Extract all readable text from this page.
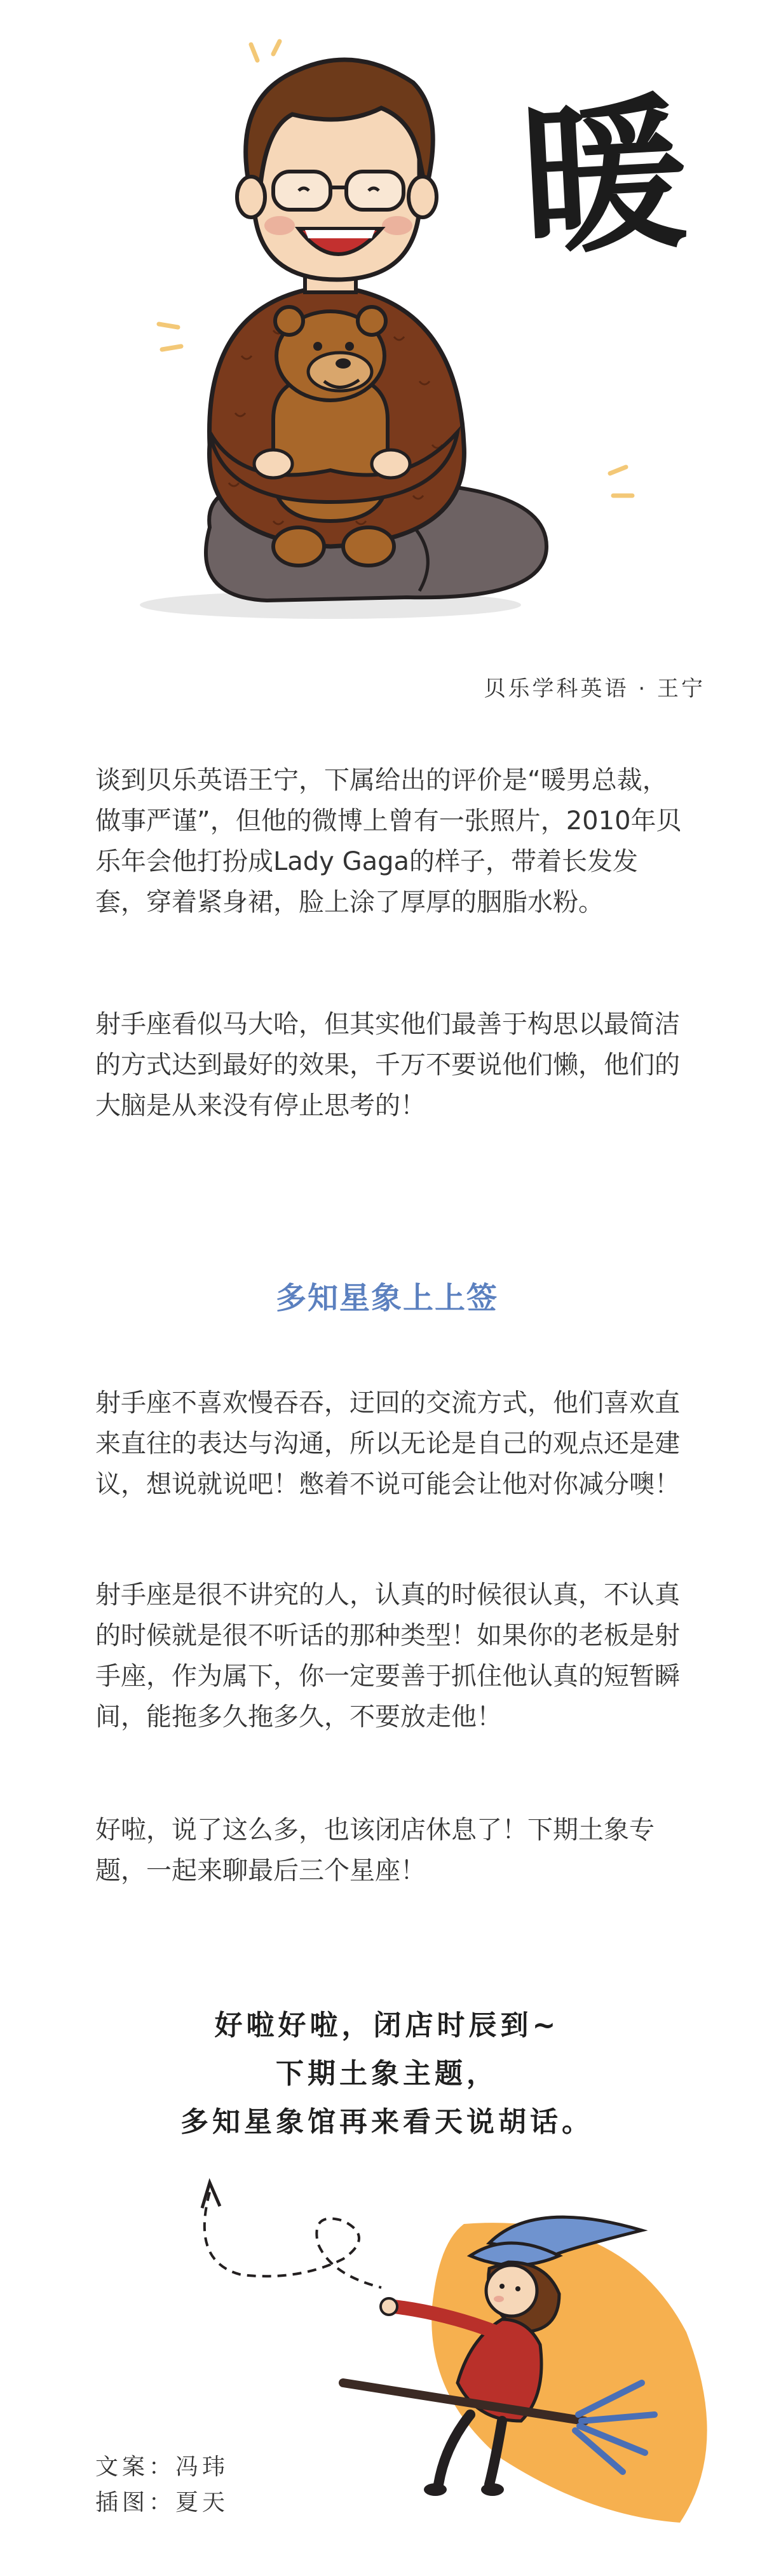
暖
贝乐学科英语 · 王宁

谈到贝乐英语王宁，下属给出的评价是“暖男总裁，做事严谨”，但他的微博上曾有一张照片，2010年贝乐年会他打扮成Lady Gaga的样子，带着长发发套，穿着紧身裙，脸上涂了厚厚的胭脂水粉。

射手座看似马大哈，但其实他们最善于构思以最简洁的方式达到最好的效果，千万不要说他们懒，他们的大脑是从来没有停止思考的！

多知星象上上签

射手座不喜欢慢吞吞，迂回的交流方式，他们喜欢直来直往的表达与沟通，所以无论是自己的观点还是建议，想说就说吧！憋着不说可能会让他对你减分噢！

射手座是很不讲究的人，认真的时候很认真，不认真的时候就是很不听话的那种类型！如果你的老板是射手座，作为属下，你一定要善于抓住他认真的短暂瞬间，能拖多久拖多久，不要放走他！

好啦，说了这么多，也该闭店休息了！下期土象专题，一起来聊最后三个星座！

好啦好啦，闭店时辰到~
下期土象主题，
多知星象馆再来看天说胡话。
文案：冯玮
插图：夏天
